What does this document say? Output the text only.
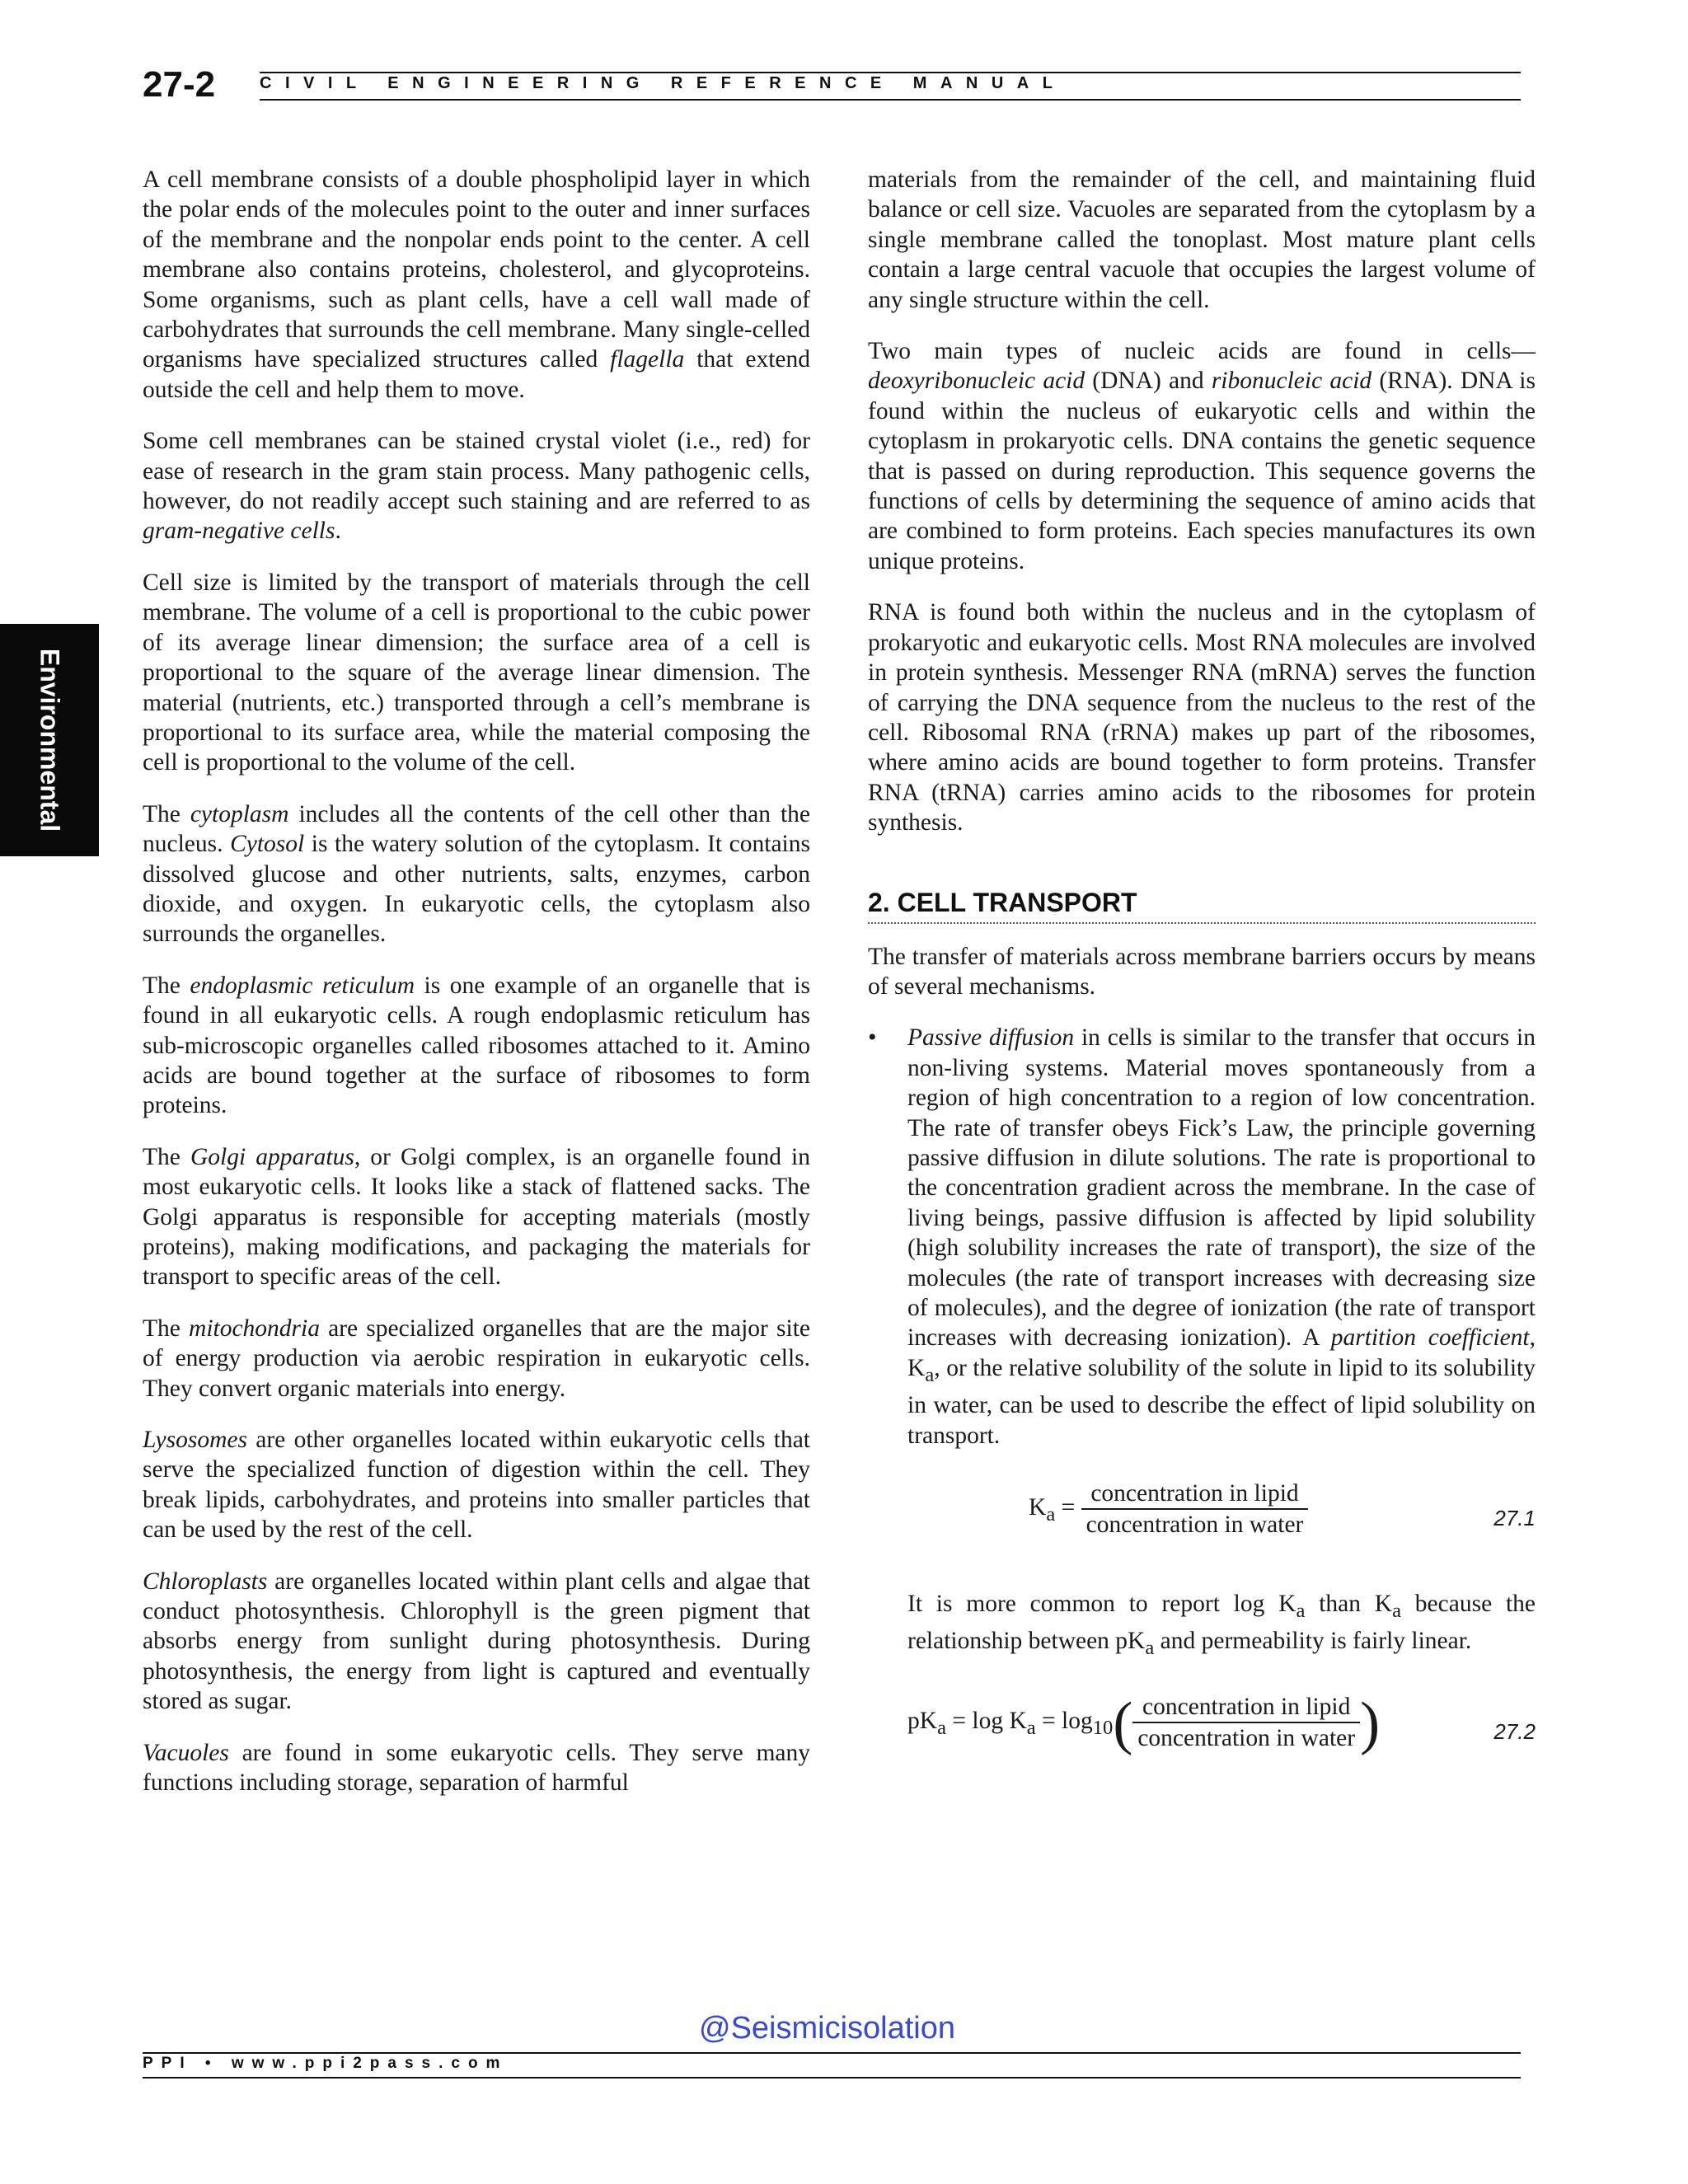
27-2	CIVIL ENGINEERING REFERENCE MANUAL
Environmental

A cell membrane consists of a double phospholipid layer in which the polar ends of the molecules point to the outer and inner surfaces of the membrane and the nonpolar ends point to the center. A cell membrane also contains proteins, cholesterol, and glycoproteins. Some organisms, such as plant cells, have a cell wall made of carbohydrates that surrounds the cell membrane. Many single-celled organisms have specialized structures called flagella that extend outside the cell and help them to move.

Some cell membranes can be stained crystal violet (i.e., red) for ease of research in the gram stain process. Many pathogenic cells, however, do not readily accept such staining and are referred to as gram-negative cells.

Cell size is limited by the transport of materials through the cell membrane. The volume of a cell is proportional to the cubic power of its average linear dimension; the surface area of a cell is proportional to the square of the average linear dimension. The material (nutrients, etc.) transported through a cell’s membrane is proportional to its surface area, while the material composing the cell is proportional to the volume of the cell.

The cytoplasm includes all the contents of the cell other than the nucleus. Cytosol is the watery solution of the cytoplasm. It contains dissolved glucose and other nutrients, salts, enzymes, carbon dioxide, and oxygen. In eukaryotic cells, the cytoplasm also surrounds the organelles.

The endoplasmic reticulum is one example of an organelle that is found in all eukaryotic cells. A rough endoplasmic reticulum has sub-microscopic organelles called ribosomes attached to it. Amino acids are bound together at the surface of ribosomes to form proteins.

The Golgi apparatus, or Golgi complex, is an organelle found in most eukaryotic cells. It looks like a stack of flattened sacks. The Golgi apparatus is responsible for accepting materials (mostly proteins), making modifications, and packaging the materials for transport to specific areas of the cell.

The mitochondria are specialized organelles that are the major site of energy production via aerobic respiration in eukaryotic cells. They convert organic materials into energy.

Lysosomes are other organelles located within eukaryotic cells that serve the specialized function of digestion within the cell. They break lipids, carbohydrates, and proteins into smaller particles that can be used by the rest of the cell.

Chloroplasts are organelles located within plant cells and algae that conduct photosynthesis. Chlorophyll is the green pigment that absorbs energy from sunlight during photosynthesis. During photosynthesis, the energy from light is captured and eventually stored as sugar.

Vacuoles are found in some eukaryotic cells. They serve many functions including storage, separation of harmful

materials from the remainder of the cell, and maintaining fluid balance or cell size. Vacuoles are separated from the cytoplasm by a single membrane called the tonoplast. Most mature plant cells contain a large central vacuole that occupies the largest volume of any single structure within the cell.

Two main types of nucleic acids are found in cells—deoxyribonucleic acid (DNA) and ribonucleic acid (RNA). DNA is found within the nucleus of eukaryotic cells and within the cytoplasm in prokaryotic cells. DNA contains the genetic sequence that is passed on during reproduction. This sequence governs the functions of cells by determining the sequence of amino acids that are combined to form proteins. Each species manufactures its own unique proteins.

RNA is found both within the nucleus and in the cytoplasm of prokaryotic and eukaryotic cells. Most RNA molecules are involved in protein synthesis. Messenger RNA (mRNA) serves the function of carrying the DNA sequence from the nucleus to the rest of the cell. Ribosomal RNA (rRNA) makes up part of the ribosomes, where amino acids are bound together to form proteins. Transfer RNA (tRNA) carries amino acids to the ribosomes for protein synthesis.

2. CELL TRANSPORT

The transfer of materials across membrane barriers occurs by means of several mechanisms.

• Passive diffusion in cells is similar to the transfer that occurs in non-living systems. Material moves spontaneously from a region of high concentration to a region of low concentration. The rate of transfer obeys Fick’s Law, the principle governing passive diffusion in dilute solutions. The rate is proportional to the concentration gradient across the membrane. In the case of living beings, passive diffusion is affected by lipid solubility (high solubility increases the rate of transport), the size of the molecules (the rate of transport increases with decreasing size of molecules), and the degree of ionization (the rate of transport increases with decreasing ionization). A partition coefficient, $K_a$, or the relative solubility of the solute in lipid to its solubility in water, can be used to describe the effect of lipid solubility on transport.

$K_a = \frac{\text{concentration in lipid}}{\text{concentration in water}}$	27.1

It is more common to report $\log K_a$ than $K_a$ because the relationship between $pK_a$ and permeability is fairly linear.

$pK_a = \log K_a = \log_{10}( \frac{\text{concentration in lipid}}{\text{concentration in water}}$ )	27.2
@Seismicisolation
PPI • www.ppi2pass.com
